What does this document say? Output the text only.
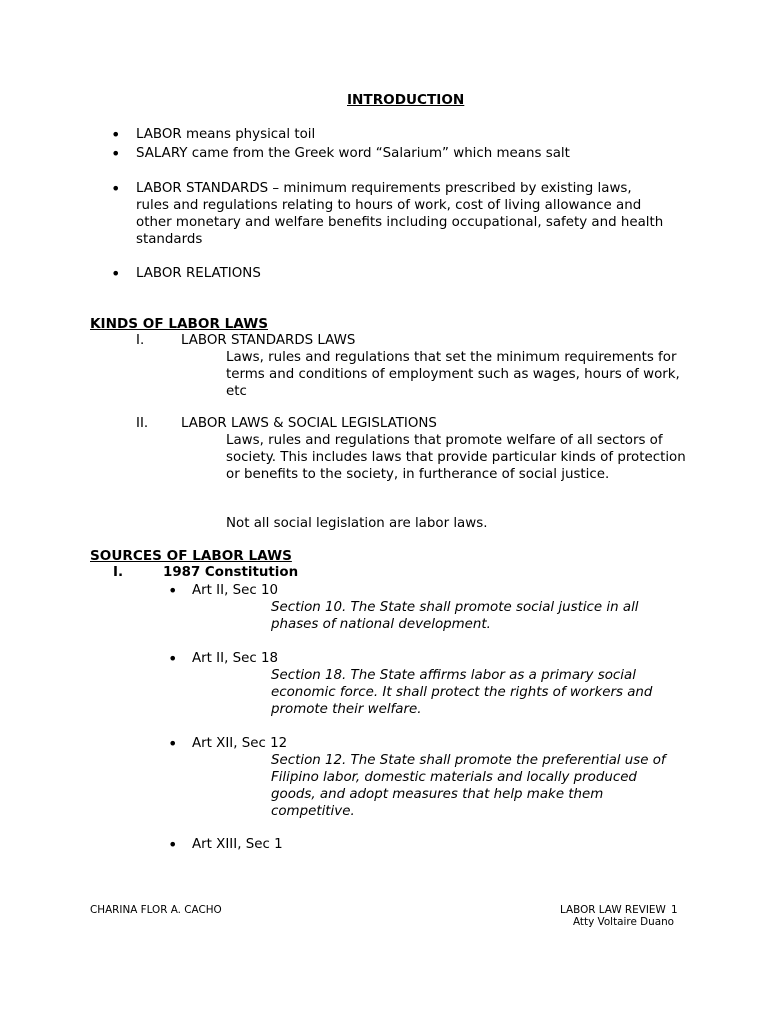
INTRODUCTION
• LABOR means physical toil
• SALARY came from the Greek word “Salarium” which means salt
• LABOR STANDARDS – minimum requirements prescribed by existing laws, rules and regulations relating to hours of work, cost of living allowance and other monetary and welfare benefits including occupational, safety and health standards
• LABOR RELATIONS
KINDS OF LABOR LAWS
I.	LABOR STANDARDS LAWS
Laws, rules and regulations that set the minimum requirements for terms and conditions of employment such as wages, hours of work, etc
II. LABOR LAWS & SOCIAL LEGISLATIONS
Laws, rules and regulations that promote welfare of all sectors of society. This includes laws that provide particular kinds of protection or benefits to the society, in furtherance of social justice.
Not all social legislation are labor laws.
SOURCES OF LABOR LAWS
I.	1987 Constitution
• Art II, Sec 10
Section 10. The State shall promote social justice in all phases of national development.
• Art II, Sec 18
Section 18. The State affirms labor as a primary social economic force. It shall protect the rights of workers and promote their welfare.
• Art XII, Sec 12
Section 12. The State shall promote the preferential use of Filipino labor, domestic materials and locally produced goods, and adopt measures that help make them competitive.
• Art XIII, Sec 1
CHARINA FLOR A. CACHO	LABOR LAW REVIEW 1
Atty Voltaire Duano
